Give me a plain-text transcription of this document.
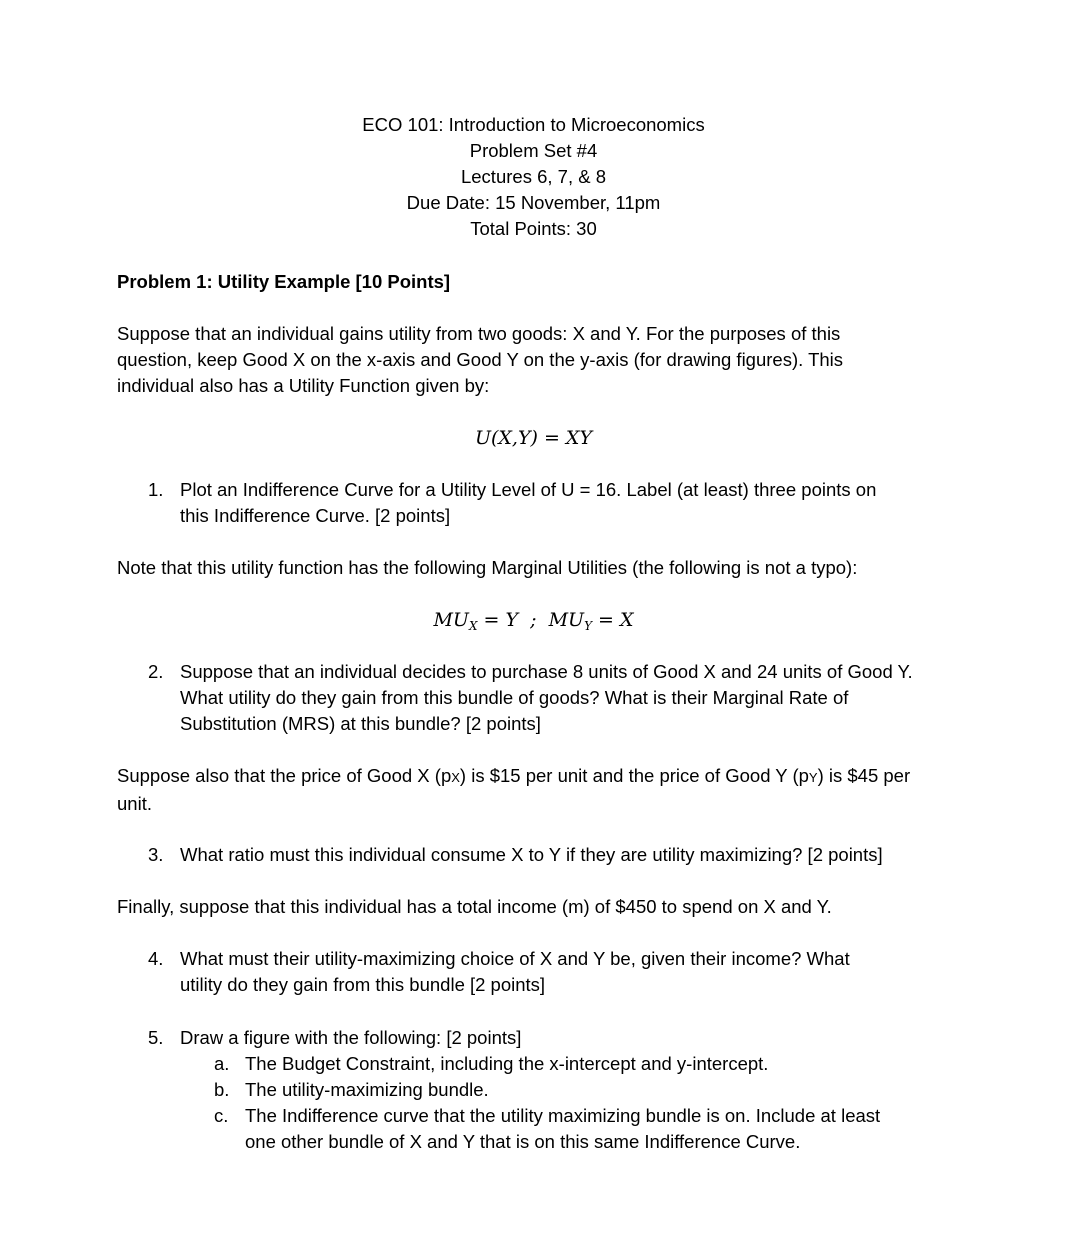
ECO 101: Introduction to Microeconomics
Problem Set #4
Lectures 6, 7, & 8
Due Date: 15 November, 11pm
Total Points: 30
Problem 1: Utility Example [10 Points]
Suppose that an individual gains utility from two goods: X and Y. For the purposes of this
question, keep Good X on the x-axis and Good Y on the y-axis (for drawing figures). This
individual also has a Utility Function given by:
U(X,Y) = XY
1. Plot an Indifference Curve for a Utility Level of U = 16. Label (at least) three points on
this Indifference Curve. [2 points]
Note that this utility function has the following Marginal Utilities (the following is not a typo):
$MU_X = Y$  ;  $MU_Y = X$
2. Suppose that an individual decides to purchase 8 units of Good X and 24 units of Good Y.
What utility do they gain from this bundle of goods? What is their Marginal Rate of
Substitution (MRS) at this bundle? [2 points]
Suppose also that the price of Good X (pX) is $15 per unit and the price of Good Y (pY) is $45 per
unit.
3. What ratio must this individual consume X to Y if they are utility maximizing? [2 points]
Finally, suppose that this individual has a total income (m) of $450 to spend on X and Y.
4. What must their utility-maximizing choice of X and Y be, given their income? What
utility do they gain from this bundle [2 points]
5. Draw a figure with the following: [2 points]
a. The Budget Constraint, including the x-intercept and y-intercept.
b. The utility-maximizing bundle.
c. The Indifference curve that the utility maximizing bundle is on. Include at least
one other bundle of X and Y that is on this same Indifference Curve.
